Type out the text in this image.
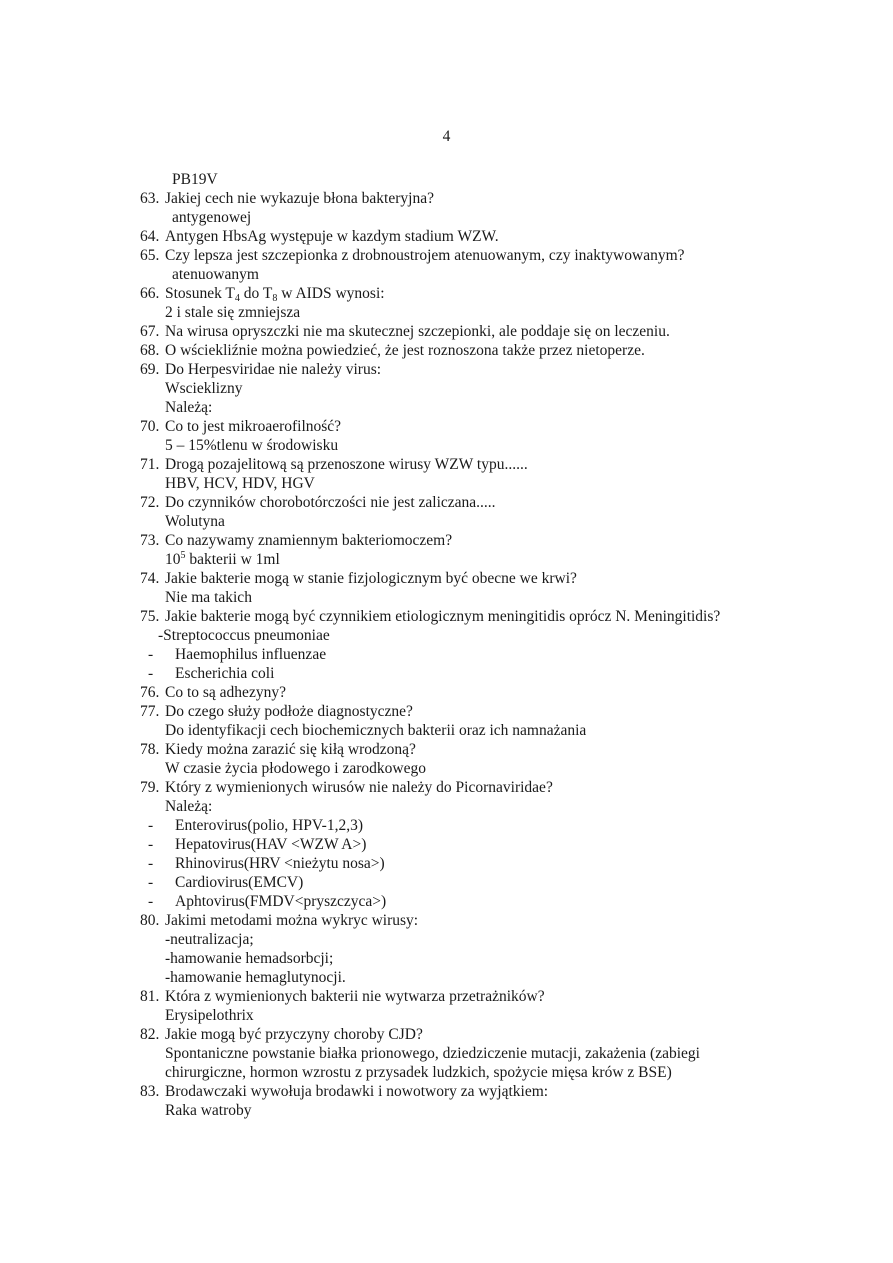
4
PB19V
63. Jakiej cech nie wykazuje błona bakteryjna?
antygenowej
64. Antygen HbsAg występuje w kazdym stadium WZW.
65. Czy lepsza jest szczepionka z drobnoustrojem atenuowanym, czy inaktywowanym?
atenuowanym
66. Stosunek $T_4$ do $T_8$ w AIDS wynosi:
2 i stale się zmniejsza
67. Na wirusa opryszczki nie ma skutecznej szczepionki, ale poddaje się on leczeniu.
68. O wściekliźnie można powiedzieć, że jest roznoszona także przez nietoperze.
69. Do Herpesviridae nie należy virus:
Wscieklizny
Należą:
70. Co to jest mikroaerofilność?
5 – 15%tlenu w środowisku
71. Drogą pozajelitową są przenoszone wirusy WZW typu......
HBV, HCV, HDV, HGV
72. Do czynników chorobotórczości nie jest zaliczana.....
Wolutyna
73. Co nazywamy znamiennym bakteriomoczem?
$10^5$ bakterii w 1ml
74. Jakie bakterie mogą w stanie fizjologicznym być obecne we krwi?
Nie ma takich
75. Jakie bakterie mogą być czynnikiem etiologicznym meningitidis oprócz N. Meningitidis?
-Streptococcus pneumoniae
- Haemophilus influenzae
- Escherichia coli
76. Co to są adhezyny?
77. Do czego służy podłoże diagnostyczne?
Do identyfikacji cech biochemicznych bakterii oraz ich namnażania
78. Kiedy można zarazić się kiłą wrodzoną?
W czasie życia płodowego i zarodkowego
79. Który z wymienionych wirusów nie należy do Picornaviridae?
Należą:
- Enterovirus(polio, HPV-1,2,3)
- Hepatovirus(HAV <WZW A>)
- Rhinovirus(HRV <nieżytu nosa>)
- Cardiovirus(EMCV)
- Aphtovirus(FMDV<pryszczyca>)
80. Jakimi metodami można wykryc wirusy:
-neutralizacja;
-hamowanie hemadsorbcji;
-hamowanie hemaglutynocji.
81. Która z wymienionych bakterii nie wytwarza przetrażników?
Erysipelothrix
82. Jakie mogą być przyczyny choroby CJD?
Spontaniczne powstanie białka prionowego, dziedziczenie mutacji, zakażenia (zabiegi
chirurgiczne, hormon wzrostu z przysadek ludzkich, spożycie mięsa krów z BSE)
83. Brodawczaki wywołuja brodawki i nowotwory za wyjątkiem:
Raka watroby
